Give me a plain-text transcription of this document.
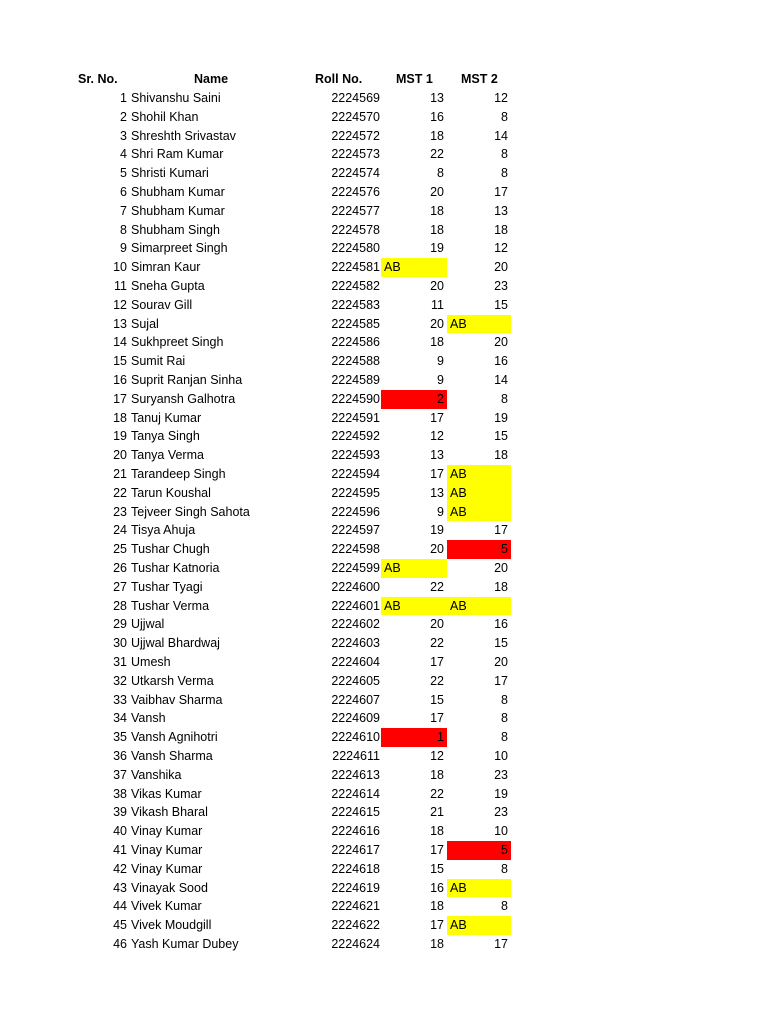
Sr. No.	Name	Roll No.	MST 1 MST 2
1 Shivanshu Saini	2224569	13	12
2 Shohil Khan	2224570	16	8
3 Shreshth Srivastav	2224572	18	14
4 Shri Ram Kumar	2224573	22	8
5 Shristi Kumari	2224574	8	8
6 Shubham Kumar	2224576	20	17
7 Shubham Kumar	2224577	18	13
8 Shubham Singh	2224578	18	18
9 Simarpreet Singh	2224580	19	12
10 Simran Kaur	2224581 AB	20
11 Sneha Gupta	2224582	20	23
12 Sourav Gill	2224583	11	15
13 Sujal	2224585	20 AB
14 Sukhpreet Singh	2224586	18	20
15 Sumit Rai	2224588	9	16
16 Suprit Ranjan Sinha	2224589	9	14
17 Suryansh Galhotra	2224590	2	8
18 Tanuj Kumar	2224591	17	19
19 Tanya Singh	2224592	12	15
20 Tanya Verma	2224593	13	18
21 Tarandeep Singh	2224594	17 AB
22 Tarun Koushal	2224595	13 AB
23 Tejveer Singh Sahota	2224596	9 AB
24 Tisya Ahuja	2224597	19	17
25 Tushar Chugh	2224598	20	5
26 Tushar Katnoria	2224599 AB	20
27 Tushar Tyagi	2224600	22	18
28 Tushar Verma	2224601 AB	AB
29 Ujjwal	2224602	20	16
30 Ujjwal Bhardwaj	2224603	22	15
31 Umesh	2224604	17	20
32 Utkarsh Verma	2224605	22	17
33 Vaibhav Sharma	2224607	15	8
34 Vansh	2224609	17	8
35 Vansh Agnihotri	2224610	1	8
36 Vansh Sharma	2224611	12	10
37 Vanshika	2224613	18	23
38 Vikas Kumar	2224614	22	19
39 Vikash Bharal	2224615	21	23
40 Vinay Kumar	2224616	18	10
41 Vinay Kumar	2224617	17	5
42 Vinay Kumar	2224618	15	8
43 Vinayak Sood	2224619	16 AB
44 Vivek Kumar	2224621	18	8
45 Vivek Moudgill	2224622	17 AB
46 Yash Kumar Dubey	2224624	18	17
